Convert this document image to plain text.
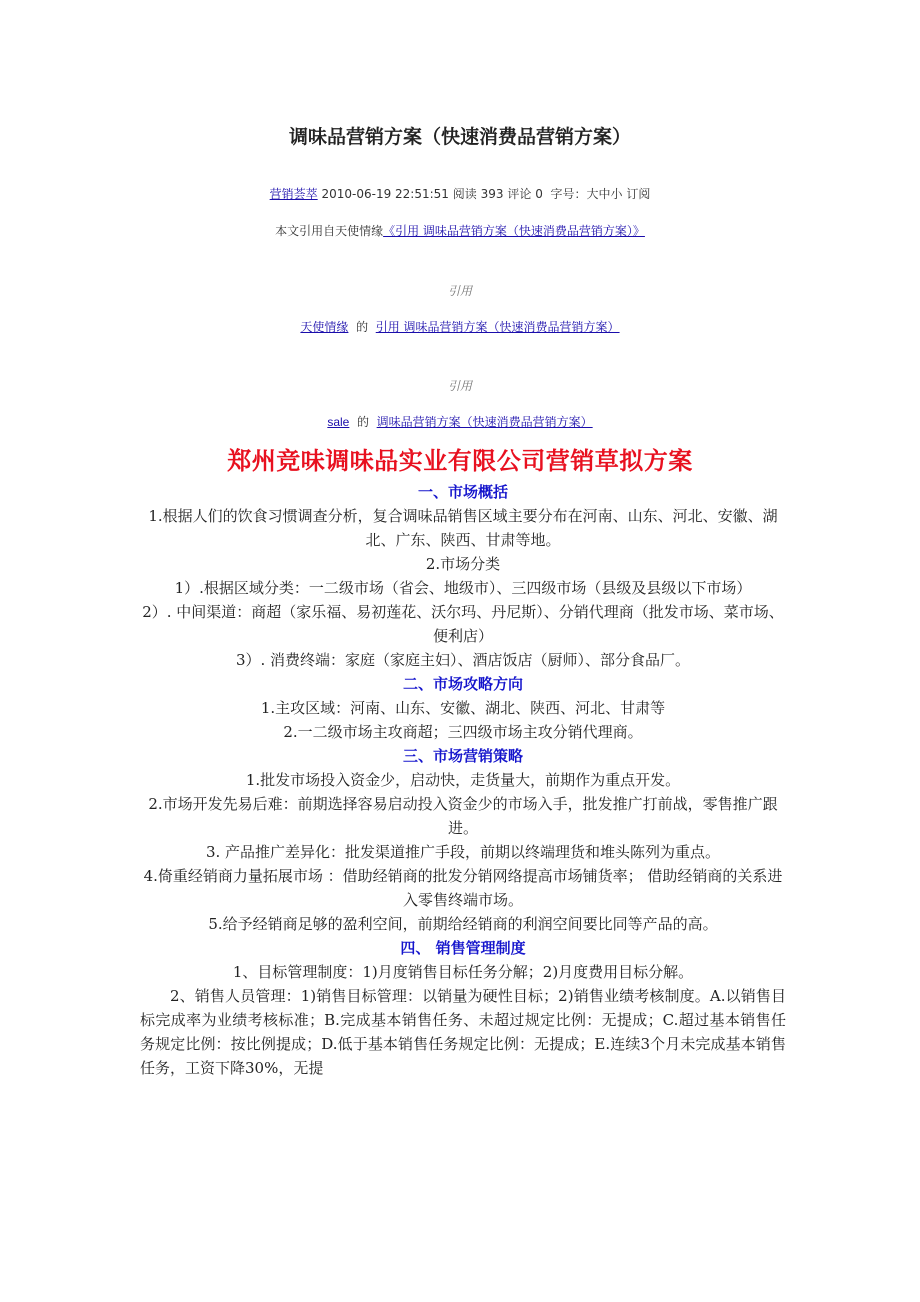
调味品营销方案（快速消费品营销方案）
营销荟萃 2010-06-19 22:51:51 阅读 393 评论 0 字号：大中小 订阅
本文引用自天使情缘《引用 调味品营销方案（快速消费品营销方案）》
引用
天使情缘 的 引用 调味品营销方案（快速消费品营销方案）
引用
sale 的 调味品营销方案（快速消费品营销方案）
郑州竞味调味品实业有限公司营销草拟方案
一、市场概括
1.根据人们的饮食习惯调查分析，复合调味品销售区域主要分布在河南、山东、河北、安徽、湖北、广东、陕西、甘肃等地。
2.市场分类
1）.根据区域分类：一二级市场（省会、地级市）、三四级市场（县级及县级以下市场）
2）. 中间渠道：商超（家乐福、易初莲花、沃尔玛、丹尼斯）、分销代理商（批发市场、菜市场、便利店）
3）. 消费终端：家庭（家庭主妇）、酒店饭店（厨师）、部分食品厂。
二、市场攻略方向
1.主攻区域：河南、山东、安徽、湖北、陕西、河北、甘肃等
2.一二级市场主攻商超；三四级市场主攻分销代理商。
三、市场营销策略
1.批发市场投入资金少，启动快，走货量大，前期作为重点开发。
2.市场开发先易后难：前期选择容易启动投入资金少的市场入手，批发推广打前战，零售推广跟进。
3. 产品推广差异化：批发渠道推广手段，前期以终端理货和堆头陈列为重点。
4.倚重经销商力量拓展市场 ：借助经销商的批发分销网络提高市场铺货率； 借助经销商的关系进入零售终端市场。
5.给予经销商足够的盈利空间，前期给经销商的利润空间要比同等产品的高。
四、 销售管理制度
1、目标管理制度：1)月度销售目标任务分解；2)月度费用目标分解。
2、销售人员管理：1)销售目标管理：以销量为硬性目标；2)销售业绩考核制度。A.以销售目标完成率为业绩考核标准；B.完成基本销售任务、未超过规定比例：无提成；C.超过基本销售任务规定比例：按比例提成；D.低于基本销售任务规定比例：无提成；E.连续3个月未完成基本销售任务，工资下降30%，无提
